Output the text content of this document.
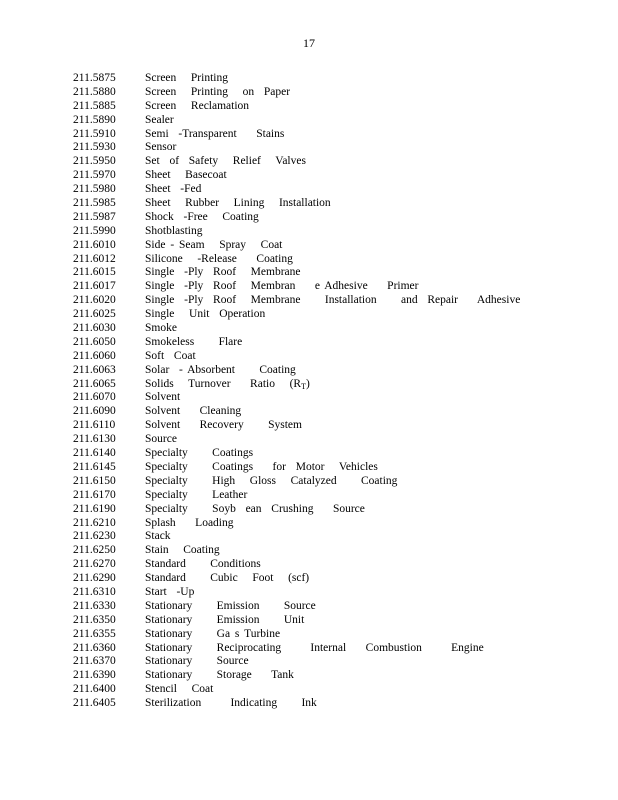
17
211.5875	Screen   Printing
211.5880	Screen   Printing   on  Paper
211.5885	Screen   Reclamation
211.5890	Sealer
211.5910	Semi  -Transparent    Stains
211.5930	Sensor
211.5950	Set  of  Safety   Relief   Valves
211.5970	Sheet   Basecoat
211.5980	Sheet  -Fed
211.5985	Sheet   Rubber   Lining   Installation
211.5987	Shock  -Free   Coating
211.5990	Shotblasting
211.6010	Side - Seam   Spray   Coat
211.6012	Silicone   -Release    Coating
211.6015	Single  -Ply  Roof   Membrane
211.6017	Single  -Ply  Roof   Membran    e Adhesive    Primer
211.6020	Single  -Ply  Roof   Membrane     Installation     and  Repair    Adhesive
211.6025	Single   Unit  Operation
211.6030	Smoke
211.6050	Smokeless     Flare
211.6060	Soft  Coat
211.6063	Solar  - Absorbent     Coating
211.6065	Solids   Turnover    Ratio   $(R_T)$
211.6070	Solvent
211.6090	Solvent    Cleaning
211.6110	Solvent    Recovery     System
211.6130	Source
211.6140	Specialty     Coatings
211.6145	Specialty     Coatings    for  Motor   Vehicles
211.6150	Specialty     High   Gloss   Catalyzed     Coating
211.6170	Specialty     Leather
211.6190	Specialty     Soyb  ean  Crushing    Source
211.6210	Splash    Loading
211.6230	Stack
211.6250	Stain   Coating
211.6270	Standard     Conditions
211.6290	Standard     Cubic   Foot   (scf)
211.6310	Start  -Up
211.6330	Stationary     Emission     Source
211.6350	Stationary     Emission     Unit
211.6355	Stationary     Ga s Turbine
211.6360	Stationary     Reciprocating      Internal    Combustion      Engine
211.6370	Stationary     Source
211.6390	Stationary     Storage    Tank
211.6400	Stencil   Coat
211.6405	Sterilization      Indicating     Ink
